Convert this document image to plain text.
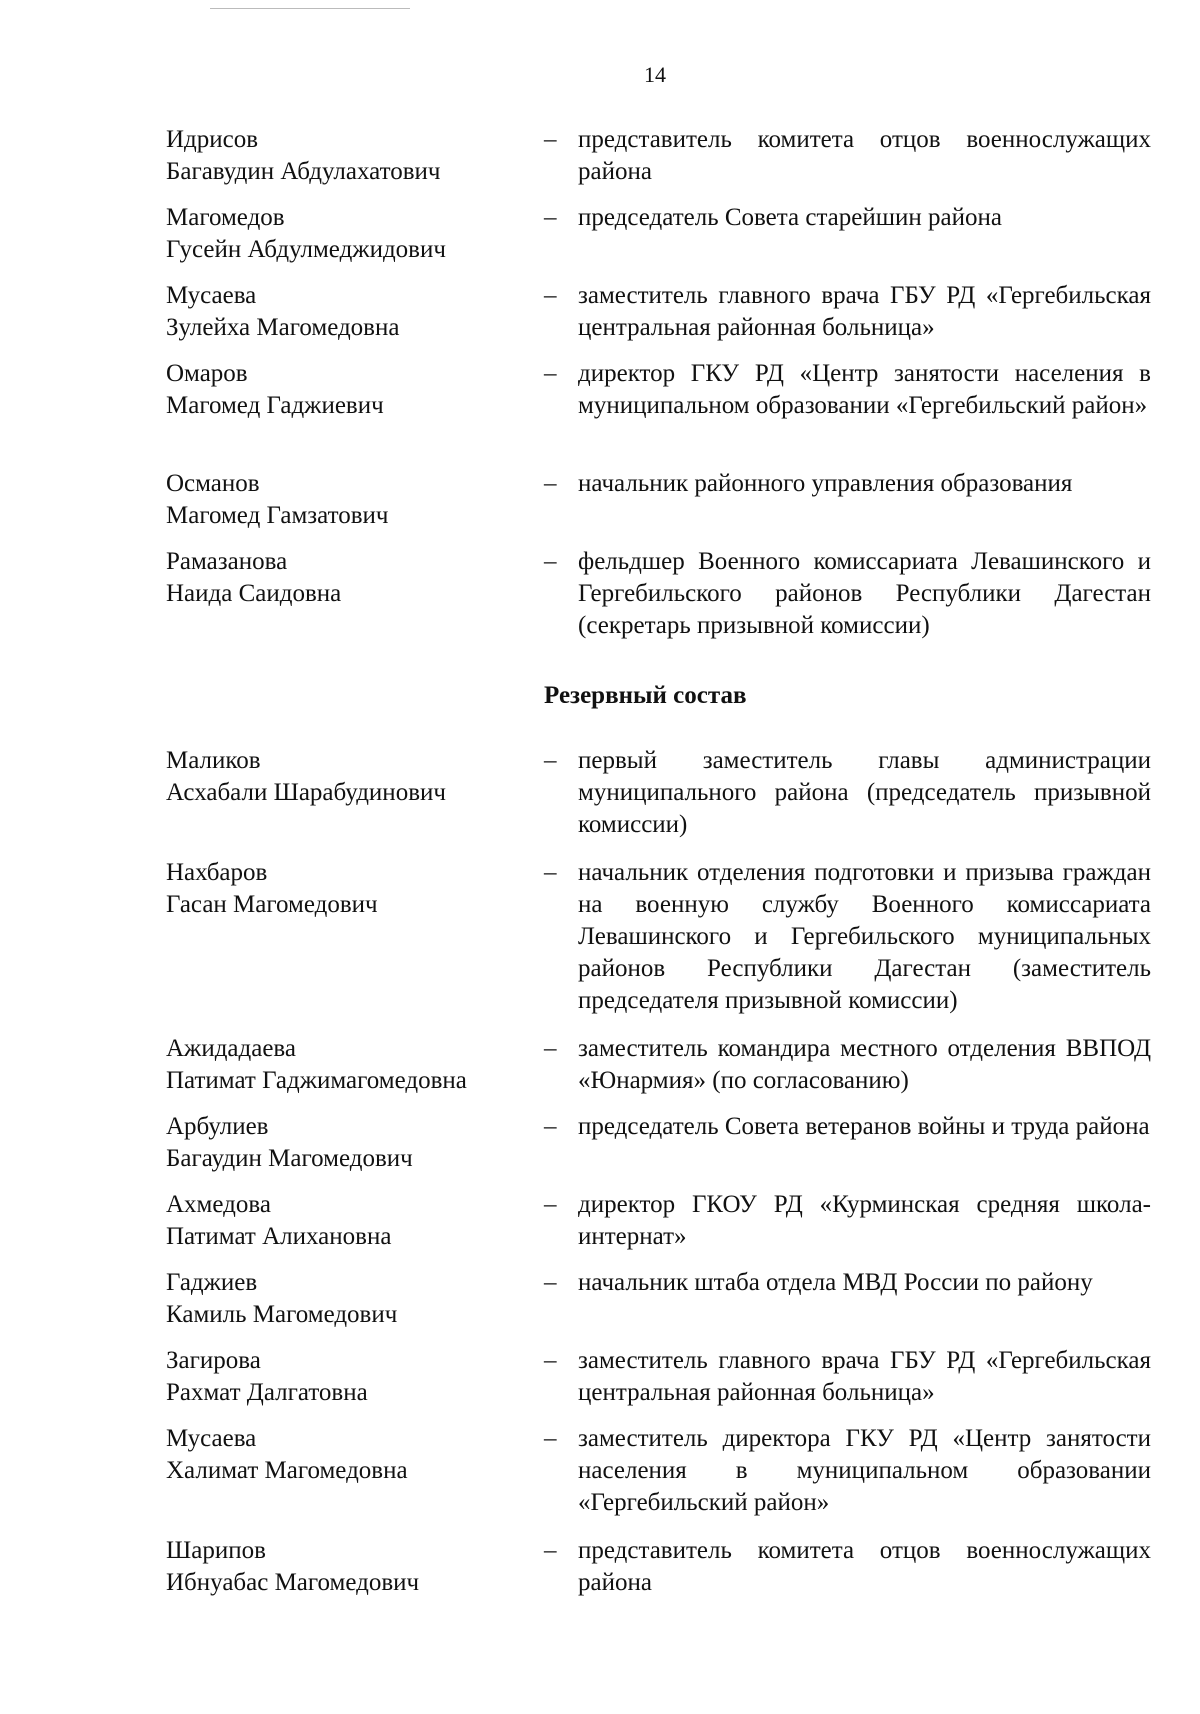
14
Идрисов
Багавудин Абдулахатович
– представитель комитета отцов военнослужащих района
Магомедов
Гусейн Абдулмеджидович
– председатель Совета старейшин района
Мусаева
Зулейха Магомедовна
– заместитель главного врача ГБУ РД «Гергебильская центральная районная больница»
Омаров
Магомед Гаджиевич
– директор ГКУ РД «Центр занятости населения в муниципальном образовании «Гергебильский район»
Османов
Магомед Гамзатович
– начальник районного управления образования
Рамазанова
Наида Саидовна
– фельдшер Военного комиссариата Левашинского и Гергебильского районов Республики Дагестан (секретарь призывной комиссии)
Резервный состав
Маликов
Асхабали Шарабудинович
– первый заместитель главы администрации муниципального района (председатель призывной комиссии)
Нахбаров
Гасан Магомедович
– начальник отделения подготовки и призыва граждан на военную службу Военного комиссариата Левашинского и Гергебильского муниципальных районов Республики Дагестан (заместитель председателя призывной комиссии)
Ажидадаева
Патимат Гаджимагомедовна
– заместитель командира местного отделения ВВПОД «Юнармия» (по согласованию)
Арбулиев
Багаудин Магомедович
– председатель Совета ветеранов войны и труда района
Ахмедова
Патимат Алихановна
– директор ГКОУ РД «Курминская средняя школа-интернат»
Гаджиев
Камиль Магомедович
– начальник штаба отдела МВД России по району
Загирова
Рахмат Далгатовна
– заместитель главного врача ГБУ РД «Гергебильская центральная районная больница»
Мусаева
Халимат Магомедовна
– заместитель директора ГКУ РД «Центр занятости населения в муниципальном образовании «Гергебильский район»
Шарипов
Ибнуабас Магомедович
– представитель комитета отцов военнослужащих района
